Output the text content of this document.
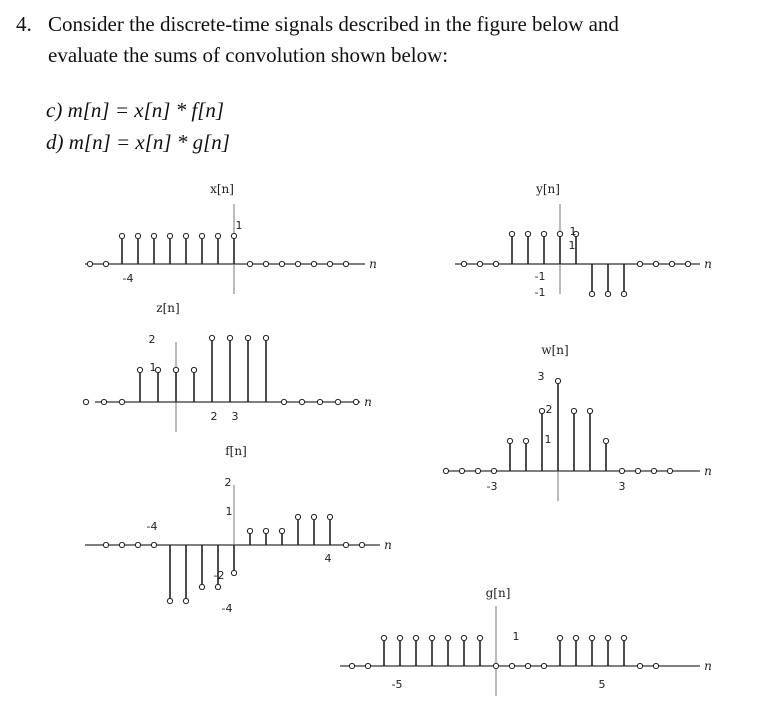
4. Consider the discrete-time signals described in the figure below and
evaluate the sums of convolution shown below:
c) m[n] = x[n] * f[n]
d) m[n] = x[n] * g[n]
n
x[n]
-4
1
n
y[n]
1
1
-1
-1
n
z[n]
2
1
2 3
n
w[n]
3
2
1
-3	3
n
f[n]
2
1
-2
-4
-4
4
n
g[n]
1
-5	5
